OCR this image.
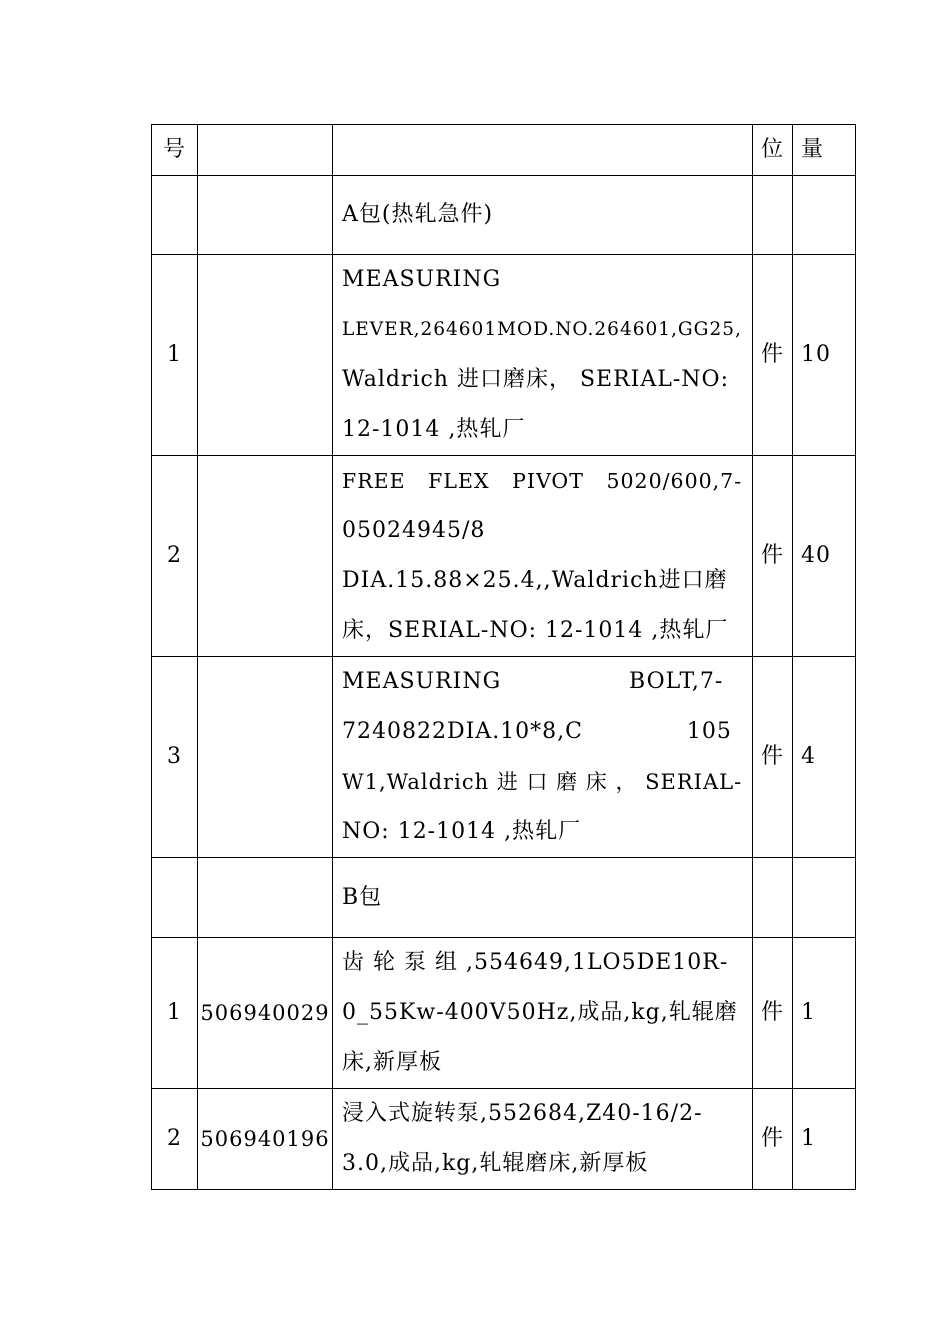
号			位	量
		A包(热轧急件)		
1		MEASURING
LEVER,264601MOD.NO.264601,GG25,
Waldrich 进口磨床， SERIAL-NO:
12-1014 ,热轧厂	件	10
2		FREE   FLEX   PIVOT   5020/600,7-
05024945/8
DIA.15.88×25.4,,Waldrich进口磨
床，SERIAL-NO: 12-1014 ,热轧厂	件	40
3		MEASURING                BOLT,7-
7240822DIA.10*8,C             105
W1,Waldrich 进 口 磨 床 ， SERIAL-
NO: 12-1014 ,热轧厂	件	4
		B包		
1	506940029	齿 轮 泵 组 ,554649,1LO5DE10R-
0_55Kw-400V50Hz,成品,kg,轧辊磨
床,新厚板	件	1
2	506940196	浸入式旋转泵,552684,Z40-16/2-
3.0,成品,kg,轧辊磨床,新厚板	件	1
